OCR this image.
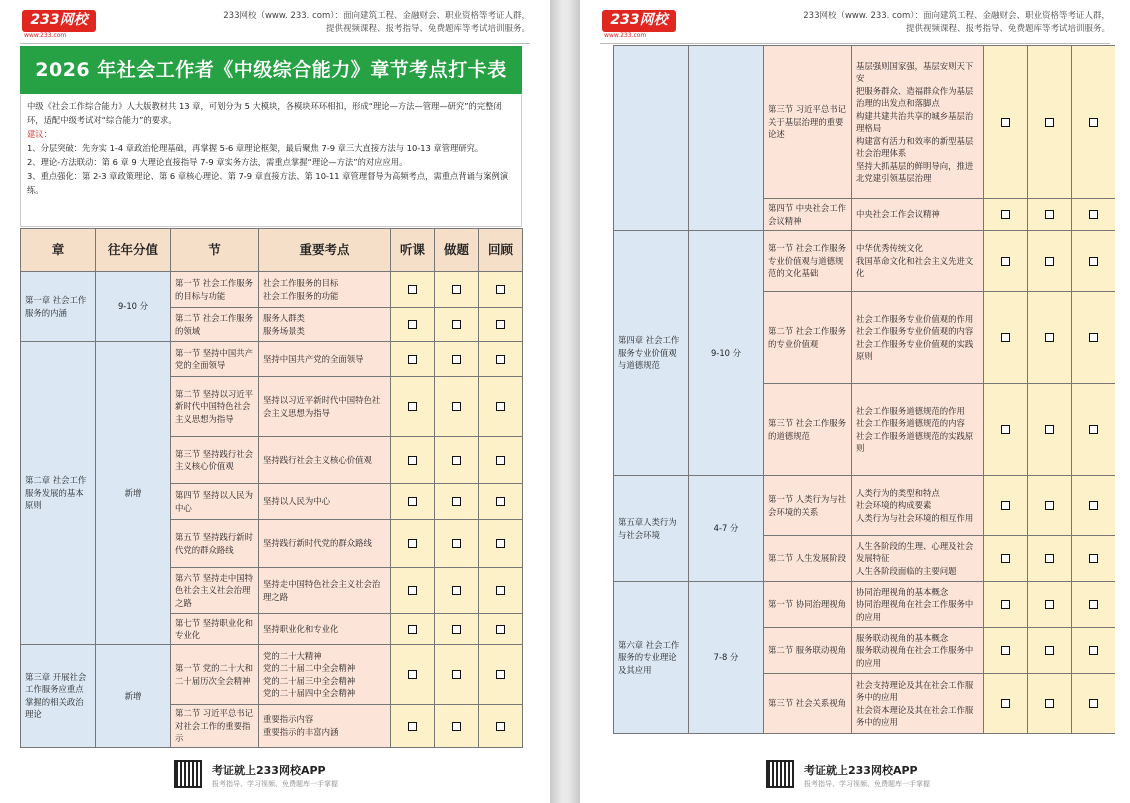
233网校
www.233.com
233网校（www. 233. com）：面向建筑工程、金融财会、职业资格等考证人群，
提供视频课程、报考指导、免费题库等考试培训服务。
2026 年社会工作者《中级综合能力》章节考点打卡表

中级《社会工作综合能力》人大版教材共 13 章，可划分为 5 大模块，各模块环环相扣，形成“理论—方法—管理—研究”的完整闭环，适配中级考试对“综合能力”的要求。

建议：

1、分层突破：先夯实 1-4 章政治伦理基础，再掌握 5-6 章理论框架，最后聚焦 7-9 章三大直接方法与 10-13 章管理研究。

2、理论-方法联动：第 6 章 9 大理论直接指导 7-9 章实务方法，需重点掌握“理论—方法”的对应应用。

3、重点强化：第 2-3 章政策理论、第 6 章核心理论、第 7-9 章直接方法、第 10-11 章管理督导为高频考点，需重点背诵与案例演练。

章	往年分值	节	重要考点	听课	做题	回顾
第一章 社会工作服务的内涵	9-10 分	第一节 社会工作服务的目标与功能	社会工作服务的目标
社会工作服务的功能			
		第二节 社会工作服务的领域	服务人群类
服务场景类			
第二章 社会工作服务发展的基本原则	新增	第一节 坚持中国共产党的全面领导	坚持中国共产党的全面领导			
		第二节 坚持以习近平新时代中国特色社会主义思想为指导	坚持以习近平新时代中国特色社会主义思想为指导			
		第三节 坚持践行社会主义核心价值观	坚持践行社会主义核心价值观			
		第四节 坚持以人民为中心	坚持以人民为中心			
		第五节 坚持践行新时代党的群众路线	坚持践行新时代党的群众路线			
		第六节 坚持走中国特色社会主义社会治理之路	坚持走中国特色社会主义社会治理之路			
		第七节 坚持职业化和专业化	坚持职业化和专业化			
第三章 开展社会工作服务应重点掌握的相关政治理论	新增	第一节 党的二十大和二十届历次全会精神	党的二十大精神
党的二十届二中全会精神
党的二十届三中全会精神
党的二十届四中全会精神			
		第二节 习近平总书记对社会工作的重要指示	重要指示内容
重要指示的丰富内涵			
考证就上233网校APP
报考指导、学习视频、免费题库一手掌握
233网校
www.233.com
233网校（www. 233. com）：面向建筑工程、金融财会、职业资格等考证人群，
提供视频课程、报考指导、免费题库等考试培训服务。
		第三节 习近平总书记关于基层治理的重要论述	基层强则国家强，基层安则天下安
把服务群众、造福群众作为基层治理的出发点和落脚点
构建共建共治共享的城乡基层治理格局
构建富有活力和效率的新型基层社会治理体系
坚持大抓基层的鲜明导向，推进北党建引领基层治理			
		第四节 中央社会工作会议精神	中央社会工作会议精神			
第四章 社会工作服务专业价值观与道德规范	9-10 分	第一节 社会工作服务专业价值观与道德规范的文化基础	中华优秀传统文化
我国革命文化和社会主义先进文化			
		第二节 社会工作服务的专业价值观	社会工作服务专业价值观的作用
社会工作服务专业价值观的内容
社会工作服务专业价值观的实践原则			
		第三节 社会工作服务的道德规范	社会工作服务道德规范的作用
社会工作服务道德规范的内容
社会工作服务道德规范的实践原则			
第五章人类行为与社会环境	4-7 分	第一节 人类行为与社会环境的关系	人类行为的类型和特点
社会环境的构成要素
人类行为与社会环境的相互作用			
		第二节 人生发展阶段	人生各阶段的生理、心理及社会发展特征
人生各阶段面临的主要问题			
第六章 社会工作服务的专业理论及其应用	7-8 分	第一节 协同治理视角	协同治理视角的基本概念
协同治理视角在社会工作服务中的应用			
		第二节 服务联动视角	服务联动视角的基本概念
服务联动视角在社会工作服务中的应用			
		第三节 社会关系视角	社会支持理论及其在社会工作服务中的应用
社会资本理论及其在社会工作服务中的应用			
考证就上233网校APP
报考指导、学习视频、免费题库一手掌握
